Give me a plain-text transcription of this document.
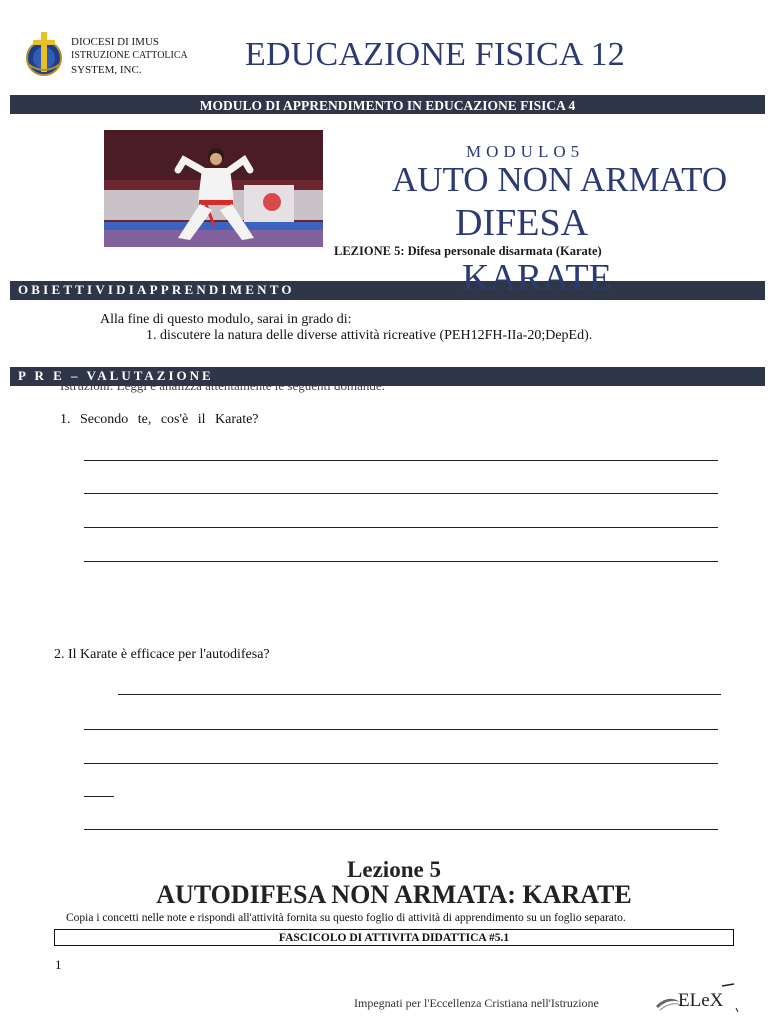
DIOCESI DI IMUS
ISTRUZIONE CATTOLICA
SYSTEM, INC.	EDUCAZIONE FISICA 12
MODULO DI APPRENDIMENTO IN EDUCAZIONE FISICA 4
MODULO5
AUTO NON ARMATO
DIFESA
OBIETTIVIDIAPPRENDIMENTO	KARATE
LEZIONE 5: Difesa personale disarmata (Karate)
Alla fine di questo modulo, sarai in grado di:
1. discutere la natura delle diverse attività ricreative (PEH12FH-IIa-20;DepEd).
P R E – VALUTAZIONE
1. Secondo te, cos'è il Karate?
2. Il Karate è efficace per l'autodifesa?
Lezione 5
AUTODIFESA NON ARMATA: KARATE
Copia i concetti nelle note e rispondi all'attività fornita su questo foglio di attività di apprendimento su un foglio separato.
FASCICOLO DI ATTIVITA DIDATTICA #5.1
1
Impegnati per l'Eccellenza Cristiana nell'Istruzione	ELeX
